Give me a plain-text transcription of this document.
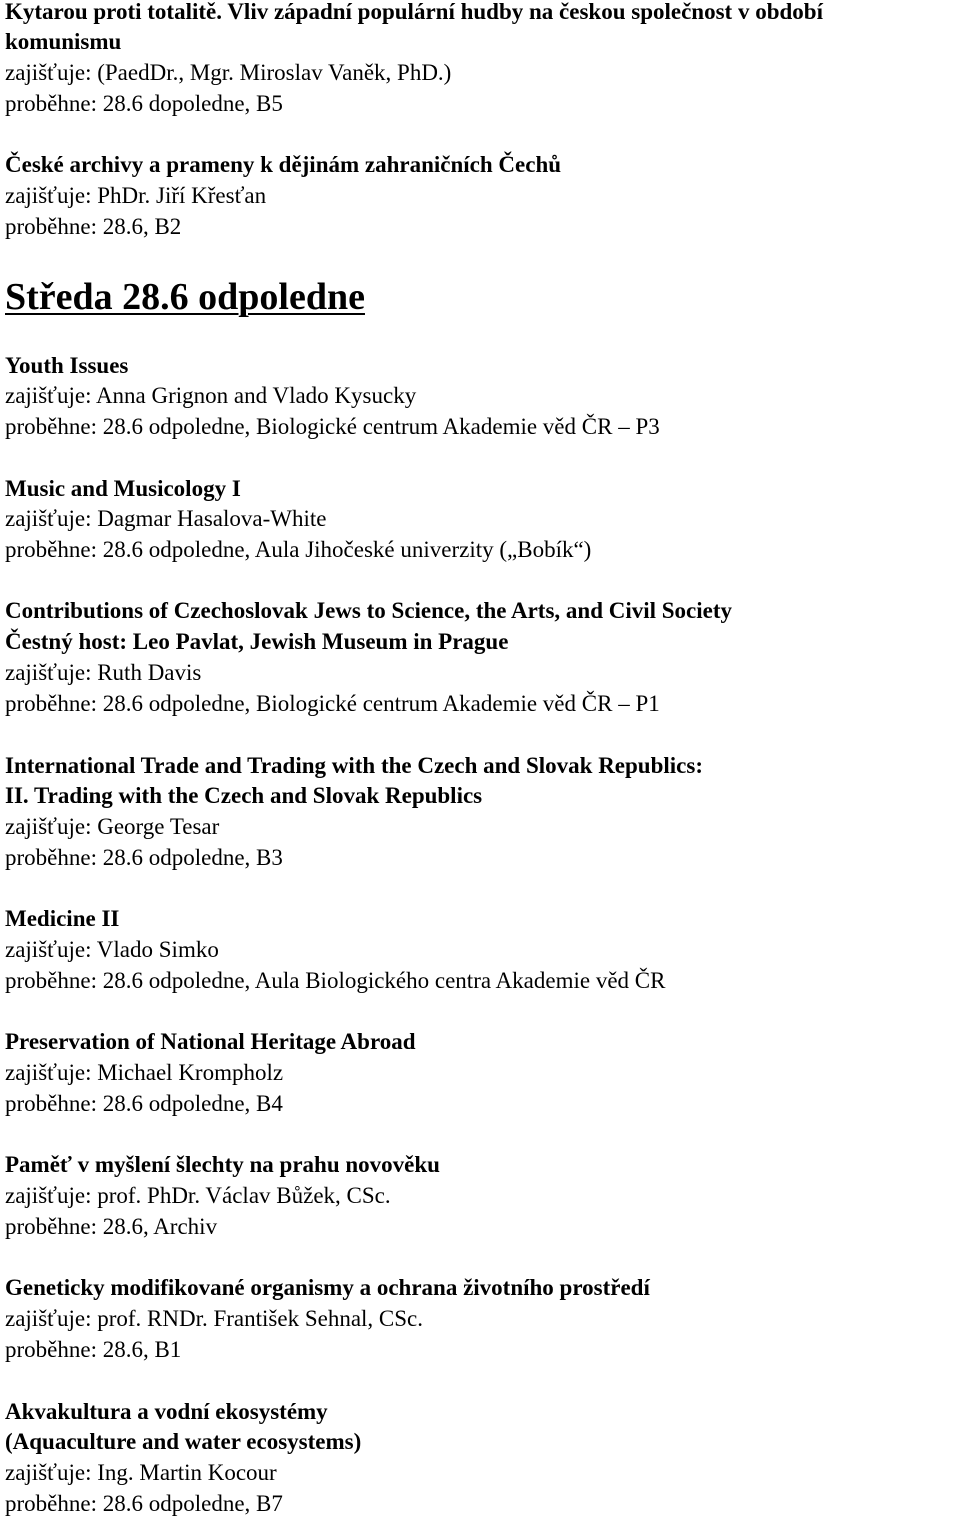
Kytarou proti totalitě. Vliv západní populární hudby na českou společnost v období

komunismu

zajišťuje: (PaedDr., Mgr. Miroslav Vaněk, PhD.)

proběhne: 28.6 dopoledne, B5

České archivy a prameny k dějinám zahraničních Čechů

zajišťuje: PhDr. Jiří Křesťan

proběhne: 28.6, B2

Středa 28.6 odpoledne

Youth Issues

zajišťuje: Anna Grignon and Vlado Kysucky

proběhne: 28.6 odpoledne, Biologické centrum Akademie věd ČR – P3

Music and Musicology I

zajišťuje: Dagmar Hasalova-White

proběhne: 28.6 odpoledne, Aula Jihočeské univerzity („Bobík“)

Contributions of Czechoslovak Jews to Science, the Arts, and Civil Society

Čestný host: Leo Pavlat, Jewish Museum in Prague

zajišťuje: Ruth Davis

proběhne: 28.6 odpoledne, Biologické centrum Akademie věd ČR – P1

International Trade and Trading with the Czech and Slovak Republics:

II. Trading with the Czech and Slovak Republics

zajišťuje: George Tesar

proběhne: 28.6 odpoledne, B3

Medicine II

zajišťuje: Vlado Simko

proběhne: 28.6 odpoledne, Aula Biologického centra Akademie věd ČR

Preservation of National Heritage Abroad

zajišťuje: Michael Krompholz

proběhne: 28.6 odpoledne, B4

Paměť v myšlení šlechty na prahu novověku

zajišťuje: prof. PhDr. Václav Bůžek, CSc.

proběhne: 28.6, Archiv

Geneticky modifikované organismy a ochrana životního prostředí

zajišťuje: prof. RNDr. František Sehnal, CSc.

proběhne: 28.6, B1

Akvakultura a vodní ekosystémy

(Aquaculture and water ecosystems)

zajišťuje: Ing. Martin Kocour

proběhne: 28.6 odpoledne, B7
